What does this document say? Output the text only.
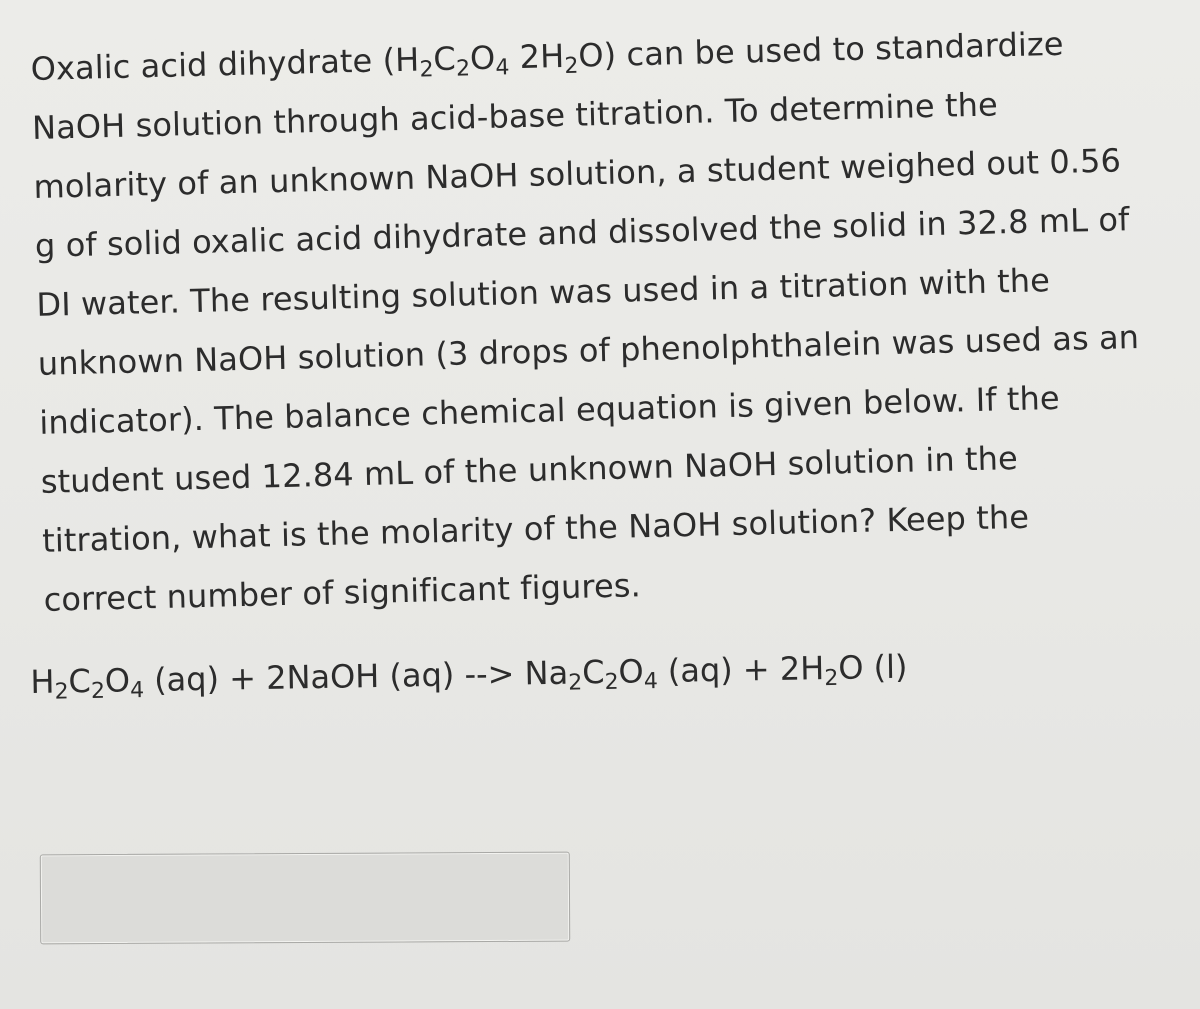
Oxalic acid dihydrate ($H_2C_2O_4$ $2H_2O$) can be used to standardize
NaOH solution through acid-base titration. To determine the
molarity of an unknown NaOH solution, a student weighed out 0.56
g of solid oxalic acid dihydrate and dissolved the solid in 32.8 mL of
DI water. The resulting solution was used in a titration with the
unknown NaOH solution (3 drops of phenolphthalein was used as an
indicator). The balance chemical equation is given below. If the
student used 12.84 mL of the unknown NaOH solution in the
titration, what is the molarity of the NaOH solution? Keep the
correct number of significant figures.
$H_2C_2O_4$ (aq) + 2NaOH (aq) --> $Na_2C_2O_4$ $(aq) + 2H_2O$ (l)
